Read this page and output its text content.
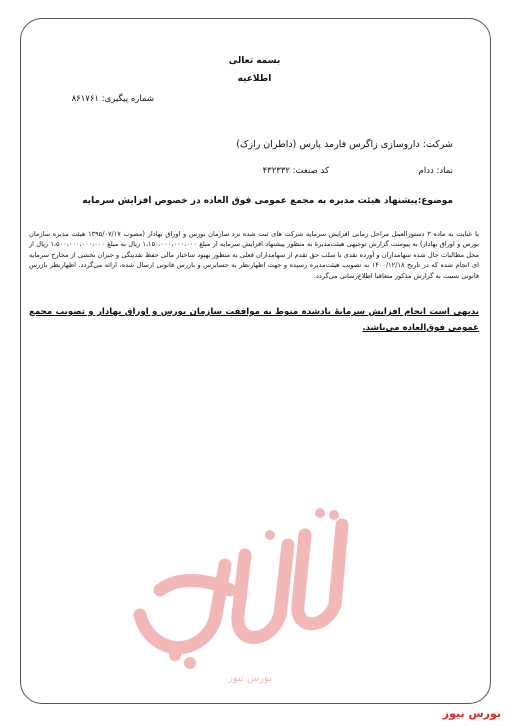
بسمه تعالی
اطلاعیه
شماره پیگیری: ۸۶۱۷۶۱
شرکت: داروسازی زاگرس فارمد پارس (داطران رازک)
نماد: ددام
کد صنعت: ۴۳۲۳۳۲
موضوع:پیشنهاد هیئت مدیره به مجمع عمومی فوق العاده در خصوص افزایش سرمایه
با عنایت به ماده ۳ دستورالعمل مراحل زمانی افزایش سرمایه شرکت های ثبت شده نزد سازمان بورس و اوراق بهادار (مصوب ۱۳۹۵/۰۷/۱۷ هیئت مدیره سازمان بورس و اوراق بهادار) به پیوست گزارش توجیهی هیئت‌مدیرهٔ به منظور پیشنهاد افزایش سرمایه از مبلغ ۱،۱۵۰،۰۰۰،۰۰۰،۰۰۰ ریال به مبلغ ۱،۵۰۰،۰۰۰،۰۰۰،۰۰۰ ریال از محل مطالبات حال شده سهامداران و آورده نقدی با سلب حق تقدم از سهامداران فعلی به منظور بهبود ساختار مالی حفظ نقدینگی و جبران بخشی از مخارج سرمایه ای انجام شده که در تاریخ ۱۴۰۰/۱۲/۱۸ به تصویب هیئت‌مدیره رسیده و جهت اظهارنظر به حسابرس و بازرس قانونی ارسال شده، ارائه می‌گردد. اظهارنظر بازرس قانونی نسبت به گزارش مذکور متعاقبا اطلاع‌رسانی می‌گردد.
بدیهی است انجام افزایش سرمایهٔ یادشده منوط به موافقت سازمان بورس و اوراق بهادار و تصویب مجمع عمومی فوق‌العاده می‌باشد.
بورس نیوز
بورس نیوز
